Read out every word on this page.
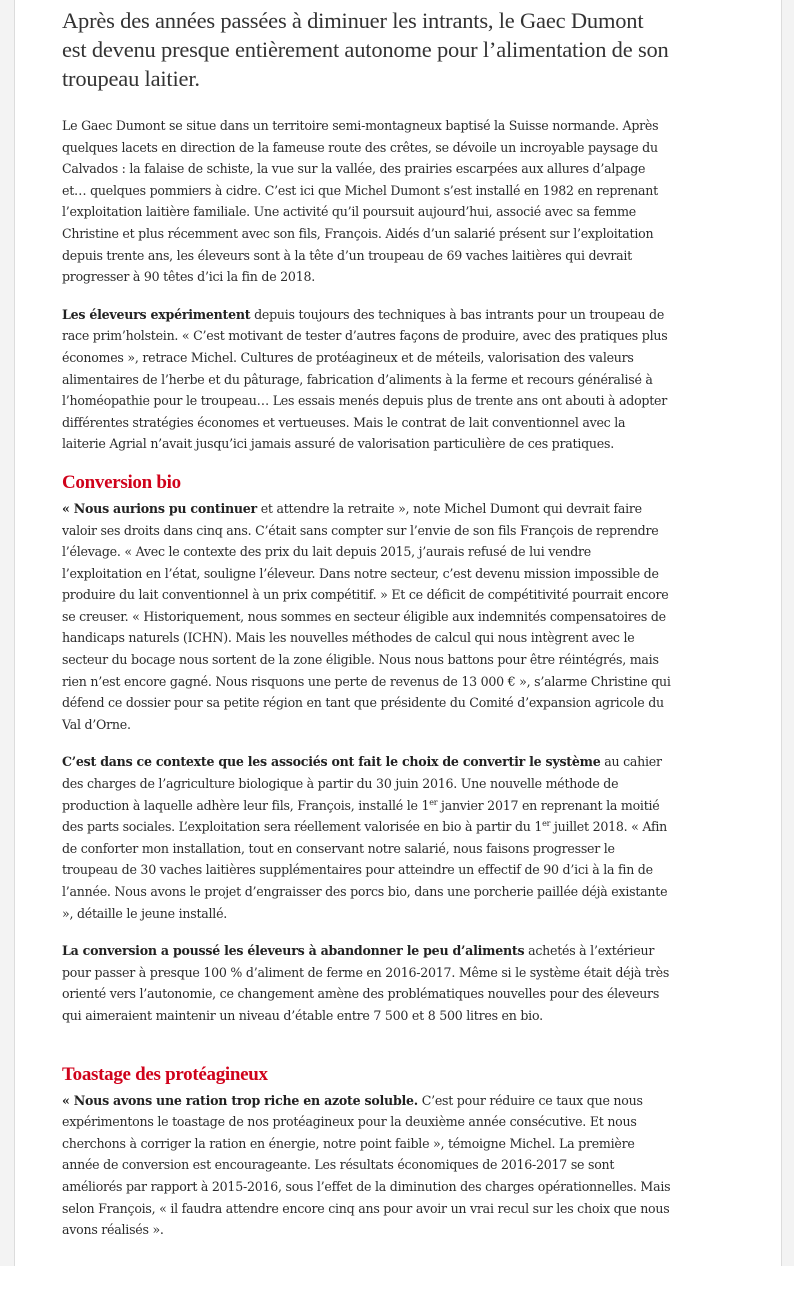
Après des années passées à diminuer les intrants, le Gaec Dumont est devenu presque entièrement autonome pour l’alimentation de son troupeau laitier.

Le Gaec Dumont se situe dans un territoire semi-montagneux baptisé la Suisse normande. Après quelques lacets en direction de la fameuse route des crêtes, se dévoile un incroyable paysage du Calvados : la falaise de schiste, la vue sur la vallée, des prairies escarpées aux allures d’alpage et… quelques pommiers à cidre. C’est ici que Michel Dumont s’est installé en 1982 en reprenant l’exploitation laitière familiale. Une activité qu’il poursuit aujourd’hui, associé avec sa femme Christine et plus récemment avec son fils, François. Aidés d’un salarié présent sur l’exploitation depuis trente ans, les éleveurs sont à la tête d’un troupeau de 69 vaches laitières qui devrait progresser à 90 têtes d’ici la fin de 2018.

Les éleveurs expérimentent depuis toujours des techniques à bas intrants pour un troupeau de race prim’holstein. « C’est motivant de tester d’autres façons de produire, avec des pratiques plus économes », retrace Michel. Cultures de protéagineux et de méteils, valorisation des valeurs alimentaires de l’herbe et du pâturage, fabrication d’aliments à la ferme et recours généralisé à l’homéopathie pour le troupeau… Les essais menés depuis plus de trente ans ont abouti à adopter différentes stratégies économes et vertueuses. Mais le contrat de lait conventionnel avec la laiterie Agrial n’avait jusqu’ici jamais assuré de valorisation particulière de ces pratiques.

Conversion bio

« Nous aurions pu continuer et attendre la retraite », note Michel Dumont qui devrait faire valoir ses droits dans cinq ans. C’était sans compter sur l’envie de son fils François de reprendre l’élevage. « Avec le contexte des prix du lait depuis 2015, j’aurais refusé de lui vendre l’exploitation en l’état, souligne l’éleveur. Dans notre secteur, c’est devenu mission impossible de produire du lait conventionnel à un prix compétitif. » Et ce déficit de compétitivité pourrait encore se creuser. « Historiquement, nous sommes en secteur éligible aux indemnités compensatoires de handicaps naturels (ICHN). Mais les nouvelles méthodes de calcul qui nous intègrent avec le secteur du bocage nous sortent de la zone éligible. Nous nous battons pour être réintégrés, mais rien n’est encore gagné. Nous risquons une perte de revenus de 13 000 € », s’alarme Christine qui défend ce dossier pour sa petite région en tant que présidente du Comité d’expansion agricole du Val d’Orne.

C’est dans ce contexte que les associés ont fait le choix de convertir le système au cahier des charges de l’agriculture biologique à partir du 30 juin 2016. Une nouvelle méthode de production à laquelle adhère leur fils, François, installé le 1er janvier 2017 en reprenant la moitié des parts sociales. L’exploitation sera réellement valorisée en bio à partir du 1er juillet 2018. « Afin de conforter mon installation, tout en conservant notre salarié, nous faisons progresser le troupeau de 30 vaches laitières supplémentaires pour atteindre un effectif de 90 d’ici à la fin de l’année. Nous avons le projet d’engraisser des porcs bio, dans une porcherie paillée déjà existante », détaille le jeune installé.

La conversion a poussé les éleveurs à abandonner le peu d’aliments achetés à l’extérieur pour passer à presque 100 % d’aliment de ferme en 2016-2017. Même si le système était déjà très orienté vers l’autonomie, ce changement amène des problématiques nouvelles pour des éleveurs qui aimeraient maintenir un niveau d’étable entre 7 500 et 8 500 litres en bio.

Toastage des protéagineux

« Nous avons une ration trop riche en azote soluble. C’est pour réduire ce taux que nous expérimentons le toastage de nos protéagineux pour la deuxième année consécutive. Et nous cherchons à corriger la ration en énergie, notre point faible », témoigne Michel. La première année de conversion est encourageante. Les résultats économiques de 2016-2017 se sont améliorés par rapport à 2015-2016, sous l’effet de la diminution des charges opérationnelles. Mais selon François, « il faudra attendre encore cinq ans pour avoir un vrai recul sur les choix que nous avons réalisés ».
